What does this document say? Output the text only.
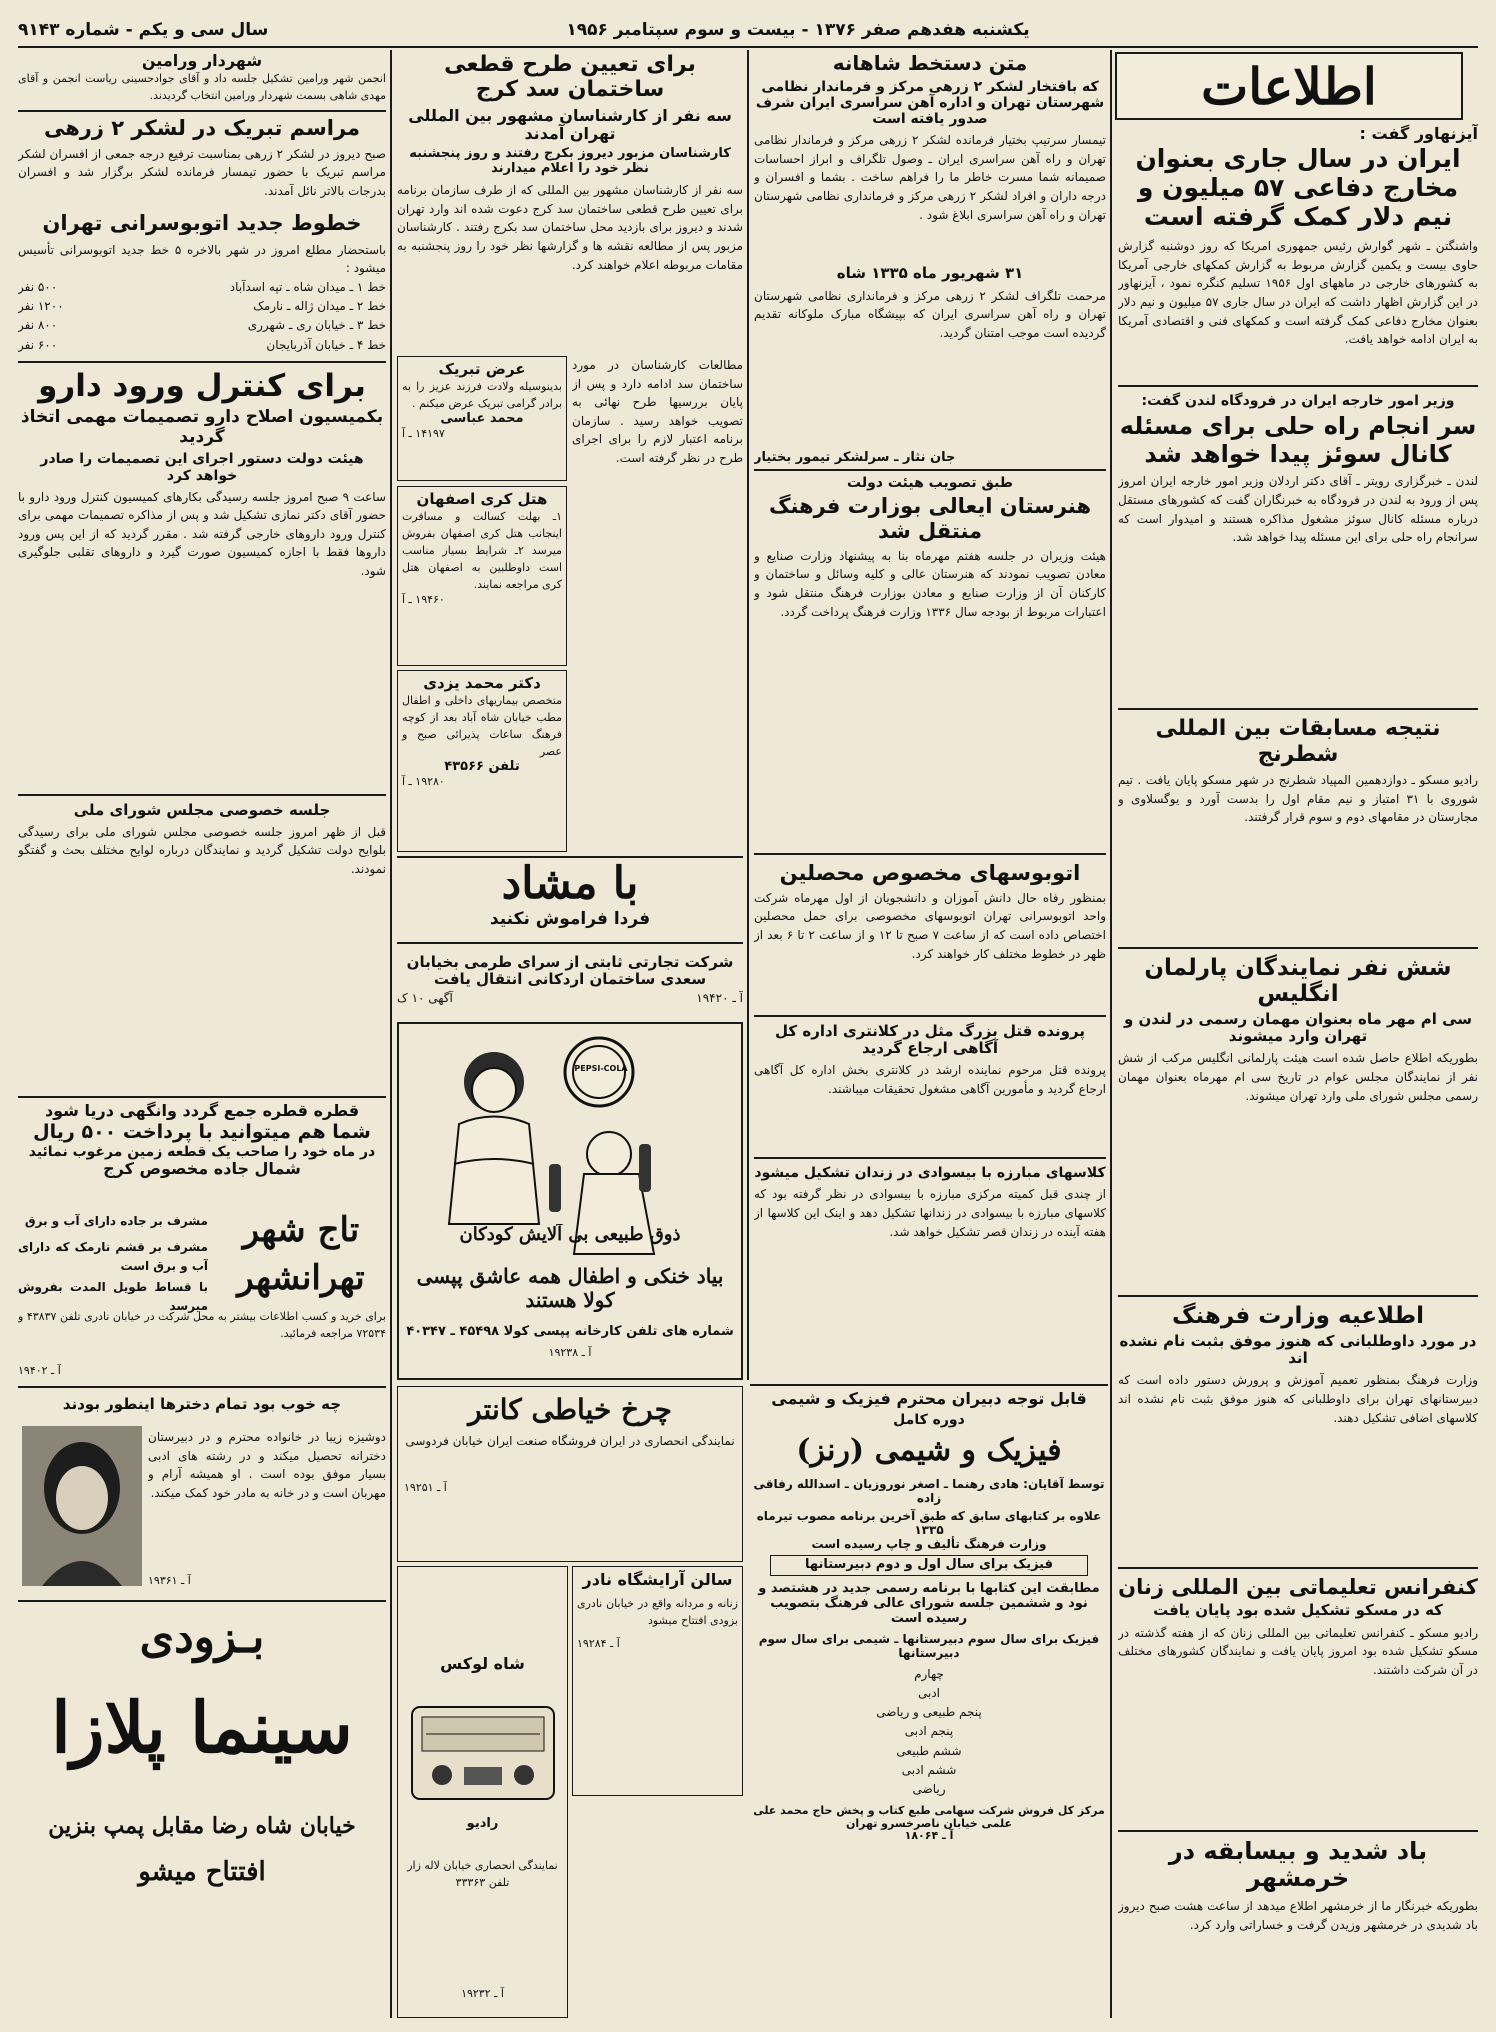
یکشنبه هفدهم صفر ۱۳۷۶ - بیست و سوم سپتامبر ۱۹۵۶
سال سی و یکم - شماره ۹۱۴۳
اطلاعات
آیزنهاور گفت :
ایران در سال جاری بعنوان مخارج دفاعی ۵۷ میلیون و نیم دلار کمک گرفته است
واشنگتن ـ شهر گوارش رئیس جمهوری امریکا که روز دوشنبه گزارش حاوی بیست و یکمین گزارش مربوط به گزارش کمکهای خارجی آمریکا به کشورهای خارجی در ماههای اول ۱۹۵۶ تسلیم کنگره نمود ، آیزنهاور در این گزارش اظهار داشت که ایران در سال جاری ۵۷ میلیون و نیم دلار بعنوان مخارج دفاعی کمک گرفته است و کمکهای فنی و اقتصادی آمریکا به ایران ادامه خواهد یافت.
وزیر امور خارجه ایران در فرودگاه لندن گفت:
سر انجام راه حلی برای مسئله کانال سوئز پیدا خواهد شد
لندن ـ خبرگزاری رویتر ـ آقای دکتر اردلان وزیر امور خارجه ایران امروز پس از ورود به لندن در فرودگاه به خبرنگاران گفت که کشورهای مستقل درباره مسئله کانال سوئز مشغول مذاکره هستند و امیدوار است که سرانجام راه حلی برای این مسئله پیدا خواهد شد.
نتیجه مسابقات بین المللی شطرنج
رادیو مسکو ـ دوازدهمین المپیاد شطرنج در شهر مسکو پایان یافت . تیم شوروی با ۳۱ امتیاز و نیم مقام اول را بدست آورد و یوگسلاوی و مجارستان در مقامهای دوم و سوم قرار گرفتند.
شش نفر نمایندگان پارلمان انگلیس
سی ام مهر ماه بعنوان مهمان رسمی در لندن و تهران وارد میشوند
بطوریکه اطلاع حاصل شده است هیئت پارلمانی انگلیس مرکب از شش نفر از نمایندگان مجلس عوام در تاریخ سی ام مهرماه بعنوان مهمان رسمی مجلس شورای ملی وارد تهران میشوند.
اطلاعیه وزارت فرهنگ
در مورد داوطلبانی که هنوز موفق بثبت نام نشده اند
وزارت فرهنگ بمنظور تعمیم آموزش و پرورش دستور داده است که دبیرستانهای تهران برای داوطلبانی که هنوز موفق بثبت نام نشده اند کلاسهای اضافی تشکیل دهند.
کنفرانس تعلیماتی بین المللی زنان
که در مسکو تشکیل شده بود پایان یافت
رادیو مسکو ـ کنفرانس تعلیماتی بین المللی زنان که از هفته گذشته در مسکو تشکیل شده بود امروز پایان یافت و نمایندگان کشورهای مختلف در آن شرکت داشتند.
باد شدید و بیسابقه در خرمشهر
بطوریکه خبرنگار ما از خرمشهر اطلاع میدهد از ساعت هشت صبح دیروز باد شدیدی در خرمشهر وزیدن گرفت و خساراتی وارد کرد.
متن دستخط شاهانه
که بافتخار لشکر ۲ زرهی مرکز و فرماندار نظامی شهرستان تهران و اداره آهن سراسری ایران شرف صدور یافته است
تیمسار سرتیپ بختیار فرمانده لشکر ۲ زرهی مرکز و فرماندار نظامی تهران و راه آهن سراسری ایران ـ وصول تلگراف و ابراز احساسات صمیمانه شما مسرت خاطر ما را فراهم ساخت . بشما و افسران و درجه داران و افراد لشکر ۲ زرهی مرکز و فرمانداری نظامی شهرستان تهران و راه آهن سراسری ابلاغ شود .
۳۱ شهریور ماه ۱۳۳۵ شاه
مرحمت تلگراف لشکر ۲ زرهی مرکز و فرمانداری نظامی شهرستان تهران و راه آهن سراسری ایران که بپیشگاه مبارک ملوکانه تقدیم گردیده است موجب امتنان گردید.
جان نثار ـ سرلشکر تیمور بختیار
طبق تصویب هیئت دولت
هنرستان ایعالی بوزارت فرهنگ منتقل شد
هیئت وزیران در جلسه هفتم مهرماه بنا به پیشنهاد وزارت صنایع و معادن تصویب نمودند که هنرستان عالی و کلیه وسائل و ساختمان و کارکنان آن از وزارت صنایع و معادن بوزارت فرهنگ منتقل شود و اعتبارات مربوط از بودجه سال ۱۳۳۶ وزارت فرهنگ پرداخت گردد.
اتوبوسهای مخصوص محصلین
بمنظور رفاه حال دانش آموزان و دانشجویان از اول مهرماه شرکت واحد اتوبوسرانی تهران اتوبوسهای مخصوصی برای حمل محصلین اختصاص داده است که از ساعت ۷ صبح تا ۱۲ و از ساعت ۲ تا ۶ بعد از ظهر در خطوط مختلف کار خواهند کرد.
پرونده قتل بزرگ مثل در کلانتری اداره کل آگاهی ارجاع گردید
پرونده قتل مرحوم نماینده ارشد در کلانتری بخش اداره کل آگاهی ارجاع گردید و مأمورین آگاهی مشغول تحقیقات میباشند.
کلاسهای مبارزه با بیسوادی در زندان تشکیل میشود
از چندی قبل کمیته مرکزی مبارزه با بیسوادی در نظر گرفته بود که کلاسهای مبارزه با بیسوادی در زندانها تشکیل دهد و اینک این کلاسها از هفته آینده در زندان قصر تشکیل خواهد شد.
برای تعیین طرح قطعی ساختمان سد کرج
سه نفر از کارشناسان مشهور بین المللی تهران آمدند
کارشناسان مزبور دیروز بکرج رفتند و روز پنجشنبه نظر خود را اعلام میدارند
سه نفر از کارشناسان مشهور بین المللی که از طرف سازمان برنامه برای تعیین طرح قطعی ساختمان سد کرج دعوت شده اند وارد تهران شدند و دیروز برای بازدید محل ساختمان سد بکرج رفتند . کارشناسان مزبور پس از مطالعه نقشه ها و گزارشها نظر خود را روز پنجشنبه به مقامات مربوطه اعلام خواهند کرد.
عرض تبریک
بدینوسیله ولادت فرزند عزیز را به برادر گرامی تبریک عرض میکنم .
محمد عباسی
۱۴۱۹۷ ـ آ
هتل کری اصفهان
۱ـ بهلت کسالت و مسافرت اینجانب هتل کری اصفهان بفروش میرسد ۲ـ شرایط بسیار مناسب است داوطلبین به اصفهان هتل کری مراجعه نمایند.
۱۹۴۶۰ ـ آ
دکتر محمد یزدی
متخصص بیماریهای داخلی و اطفال مطب خیابان شاه آباد بعد از کوچه فرهنگ ساعات پذیرائی صبح و عصر
تلفن ۴۳۵۶۶
۱۹۲۸۰ ـ آ
مطالعات کارشناسان در مورد ساختمان سد ادامه دارد و پس از پایان بررسیها طرح نهائی به تصویب خواهد رسید . سازمان برنامه اعتبار لازم را برای اجرای طرح در نظر گرفته است.
با مشاد
فردا فراموش نکنید
شرکت تجارتی ثابتی از سرای طرمی بخیابان سعدی ساختمان اردکانی انتقال یافت
آگهی ۱۰ ک	آ ـ ۱۹۴۲۰
PEPSI-COLA
ذوق طبیعی بی آلایش کودکان
بیاد خنکی و اطفال همه عاشق پپسی کولا هستند
شماره های تلفن کارخانه پپسی کولا ۴۵۴۹۸ ـ ۴۰۳۴۷
آ ـ ۱۹۲۳۸
چرخ خیاطی کانتر
نمایندگی انحصاری در ایران فروشگاه صنعت ایران خیابان فردوسی
آ ـ ۱۹۲۵۱
سالن آرایشگاه نادر
زنانه و مردانه واقع در خیابان نادری بزودی افتتاح میشود
آ ـ ۱۹۲۸۴
شاه لوکس
رادیو
نمایندگی انحصاری خیابان لاله زار تلفن ۳۳۳۶۳
آ ـ ۱۹۲۳۲
شهردار ورامین
انجمن شهر ورامین تشکیل جلسه داد و آقای جوادحسینی ریاست انجمن و آقای مهدی شاهی بسمت شهردار ورامین انتخاب گردیدند.
مراسم تبریک در لشکر ۲ زرهی
صبح دیروز در لشکر ۲ زرهی بمناسبت ترفیع درجه جمعی از افسران لشکر مراسم تبریک با حضور تیمسار فرمانده لشکر برگزار شد و افسران بدرجات بالاتر نائل آمدند.
خطوط جدید اتوبوسرانی تهران
باستحضار مطلع امروز در شهر بالاخره ۵ خط جدید اتوبوسرانی تأسیس میشود :
خط ۱ ـ میدان شاه ـ تپه اسدآباد
۵۰۰ نفر
خط ۲ ـ میدان ژاله ـ نارمک
۱۲۰۰ نفر
خط ۳ ـ خیابان ری ـ شهرری
۸۰۰ نفر
خط ۴ ـ خیابان آذربایجان
۶۰۰ نفر
برای کنترل ورود دارو
بکمیسیون اصلاح دارو تصمیمات مهمی اتخاذ گردید
هیئت دولت دستور اجرای این تصمیمات را صادر خواهد کرد
ساعت ۹ صبح امروز جلسه رسیدگی بکارهای کمیسیون کنترل ورود دارو با حضور آقای دکتر نمازی تشکیل شد و پس از مذاکره تصمیمات مهمی برای کنترل ورود داروهای خارجی گرفته شد . مقرر گردید که از این پس ورود داروها فقط با اجازه کمیسیون صورت گیرد و داروهای تقلبی جلوگیری شود.
جلسه خصوصی مجلس شورای ملی
قبل از ظهر امروز جلسه خصوصی مجلس شورای ملی برای رسیدگی بلوایح دولت تشکیل گردید و نمایندگان درباره لوایح مختلف بحث و گفتگو نمودند.
قطره قطره جمع گردد وانگهی دریا شود
شما هم میتوانید با پرداخت ۵۰۰ ریال
در ماه خود را صاحب یک قطعه زمین مرغوب نمائید
شمال جاده مخصوص کرج
تاج شهر
تهرانشهر
مشرف بر جاده دارای آب و برق
مشرف بر قشم نارمک که دارای آب و برق است
با قساط طویل المدت بفروش میرسد
برای خرید و کسب اطلاعات بیشتر به محل شرکت در خیابان نادری تلفن ۴۳۸۳۷ و ۷۲۵۳۴ مراجعه فرمائید.
آ ـ ۱۹۴۰۲
چه خوب بود تمام دخترها اینطور بودند
دوشیزه زیبا در خانواده محترم و در دبیرستان دخترانه تحصیل میکند و در رشته های ادبی بسیار موفق بوده است . او همیشه آرام و مهربان است و در خانه به مادر خود کمک میکند.
آ ـ ۱۹۳۶۱
بـزودی
سینما پلازا
خیابان شاه رضا مقابل پمپ بنزین
افتتاح میشو
قابل توجه دبیران محترم فیزیک و شیمی
دوره کامل
فیزیک و شیمی (رنز)
توسط آقایان: هادی رهنما ـ اصغر نوروزیان ـ اسدالله رفاقی زاده
علاوه بر کتابهای سابق که طبق آخرین برنامه مصوب تیرماه ۱۳۳۵
وزارت فرهنگ تألیف و چاپ رسیده است
فیزیک برای سال اول و دوم دبیرستانها
مطابقت این کتابها با برنامه رسمی جدید در هشتصد و نود و ششمین جلسه شورای عالی فرهنگ بتصویب رسیده است
فیزیک برای سال سوم دبیرستانها ـ شیمی برای سال سوم دبیرستانها
چهارم
ادبی
پنجم طبیعی و ریاضی
پنجم ادبی
ششم طبیعی
ششم ادبی
ریاضی
مرکز کل فروش شرکت سهامی طبع کتاب و پخش حاج محمد علی علمی خیابان ناصرخسرو تهران
آ ـ ۱۸۰۶۴
